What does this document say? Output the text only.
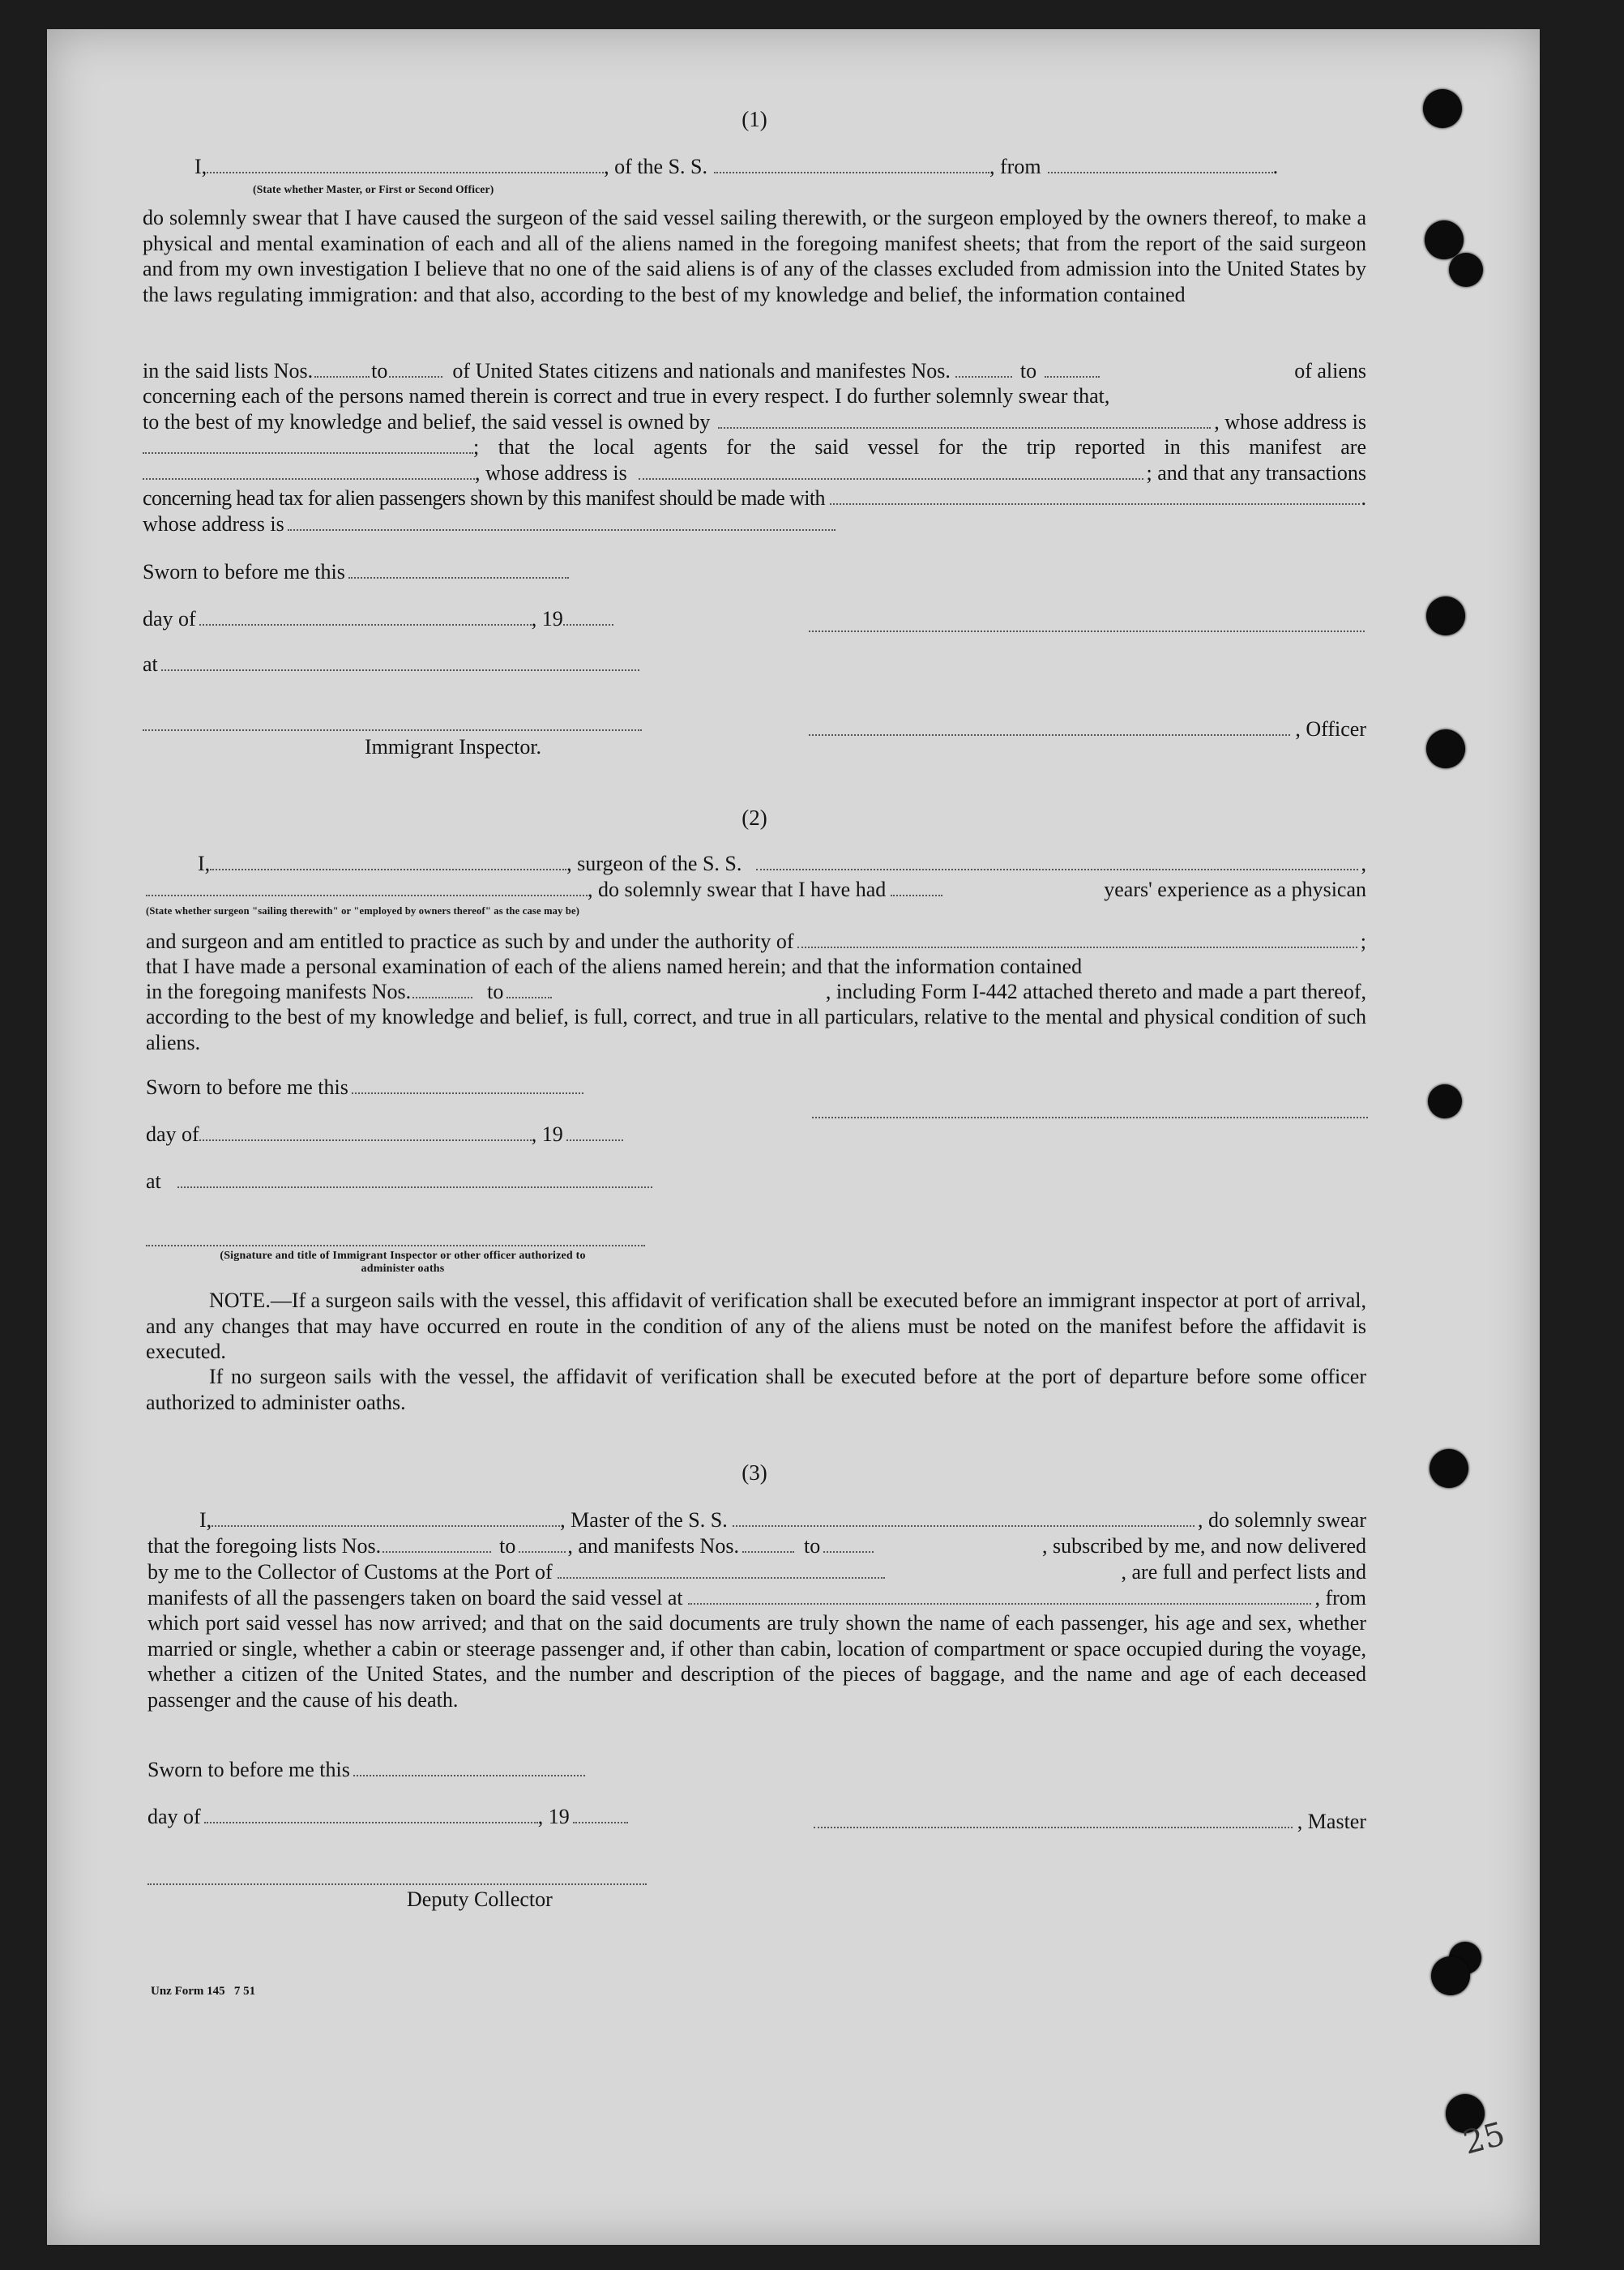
25
(1)
I,	, of the S. S.	, from	.
(State whether Master, or First or Second Officer)
do solemnly swear that I have caused the surgeon of the said vessel sailing therewith, or the surgeon employed by the owners thereof, to make a physical and mental examination of each and all of the aliens named in the foregoing manifest sheets; that from the report of the said surgeon and from my own investigation I believe that no one of the said aliens is of any of the classes excluded from admission into the United States by the laws regulating immigration: and that also, according to the best of my knowledge and belief, the information contained
in the said lists Nos.	to	of United States citizens and nationals and manifestes Nos.	to	of aliens
concerning each of the persons named therein is correct and true in every respect. I do further solemnly swear that,
to the best of my knowledge and belief, the said vessel is owned by	, whose address is
; that the local agents for the said vessel for the trip reported in this manifest are
, whose address is	; and that any transactions
concerning head tax for alien passengers shown by this manifest should be made with	.
whose address is
Sworn to before me this
day of	, 19
at
, Officer
Immigrant Inspector.
(2)
I,	, surgeon of the S. S.	,
, do solemnly swear that I have had	years' experience as a physican
(State whether surgeon "sailing therewith" or "employed by owners thereof" as the case may be)
and surgeon and am entitled to practice as such by and under the authority of	;
that I have made a personal examination of each of the aliens named herein; and that the information contained
in the foregoing manifests Nos.	to	, including Form I-442 attached thereto and made a part thereof,
according to the best of my knowledge and belief, is full, correct, and true in all particulars, relative to the mental and physical condition of such aliens.
Sworn to before me this
day of	, 19
at
(Signature and title of Immigrant Inspector or other officer authorized to administer oaths
NOTE.—If a surgeon sails with the vessel, this affidavit of verification shall be executed before an immigrant inspector at port of arrival, and any changes that may have occurred en route in the condition of any of the aliens must be noted on the manifest before the affidavit is executed.
If no surgeon sails with the vessel, the affidavit of verification shall be executed before at the port of departure before some officer authorized to administer oaths.
(3)
I,	, Master of the S. S.	, do solemnly swear
that the foregoing lists Nos.	to , and manifests Nos.	to	, subscribed by me, and now delivered
by me to the Collector of Customs at the Port of	, are full and perfect lists and
manifests of all the passengers taken on board the said vessel at	, from
which port said vessel has now arrived; and that on the said documents are truly shown the name of each passenger, his age and sex, whether married or single, whether a cabin or steerage passenger and, if other than cabin, location of compartment or space occupied during the voyage, whether a citizen of the United States, and the number and description of the pieces of baggage, and the name and age of each deceased passenger and the cause of his death.
Sworn to before me this
day of	, 19	, Master
Deputy Collector
Unz Form 145   7 51
